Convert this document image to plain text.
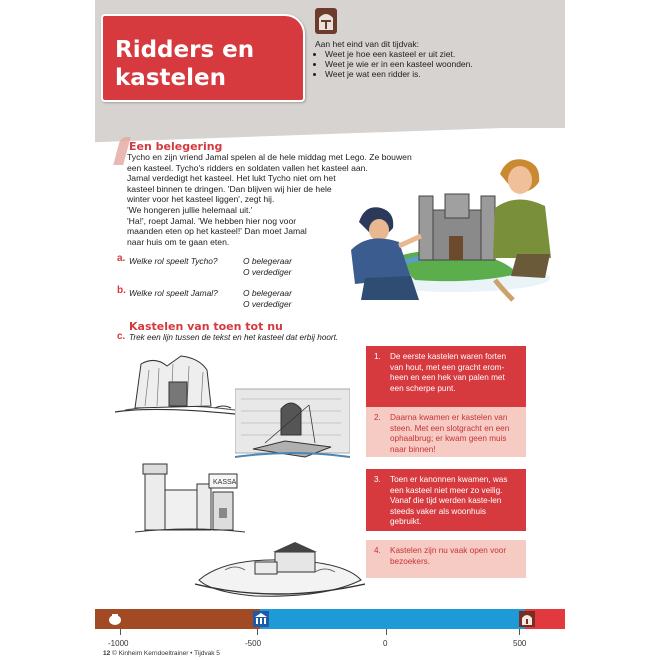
Ridders en
kastelen
Aan het eind van dit tijdvak:
• Weet je hoe een kasteel er uit ziet.
• Weet je wie er in een kasteel woonden.
• Weet je wat een ridder is.
Een belegering

Tycho en zijn vriend Jamal spelen al de hele middag met Lego. Ze bouwen

een kasteel. Tycho's ridders en soldaten vallen het kasteel aan.

Jamal verdedigt het kasteel. Het lukt Tycho niet om het

kasteel binnen te dringen. 'Dan blijven wij hier de hele

winter voor het kasteel liggen', zegt hij.

'We hongeren jullie helemaal uit.'

'Ha!', roept Jamal. 'We hebben hier nog voor

maanden eten op het kasteel!' Dan moet Jamal

naar huis om te gaan eten.

a. Welke rol speelt Tycho?	O belegeraar
O verdediger
b. Welke rol speelt Jamal?	O belegeraar
O verdediger
Kastelen van toen tot nu
c. Trek een lijn tussen de tekst en het kasteel dat erbij hoort.
KASSA
1. De eerste kastelen waren forten van hout, met een gracht erom-heen en een hek van palen met een scherpe punt.
2. Daarna kwamen er kastelen van steen. Met een slotgracht en een ophaalbrug; er kwam geen muis naar binnen!
3. Toen er kanonnen kwamen, was een kasteel niet meer zo veilig. Vanaf die tijd werden kaste-len steeds vaker als woonhuis gebruikt.
4. Kastelen zijn nu vaak open voor bezoekers.
-1000	-500	0	500
12 © Kinheim Kerndoeltrainer • Tijdvak 5
